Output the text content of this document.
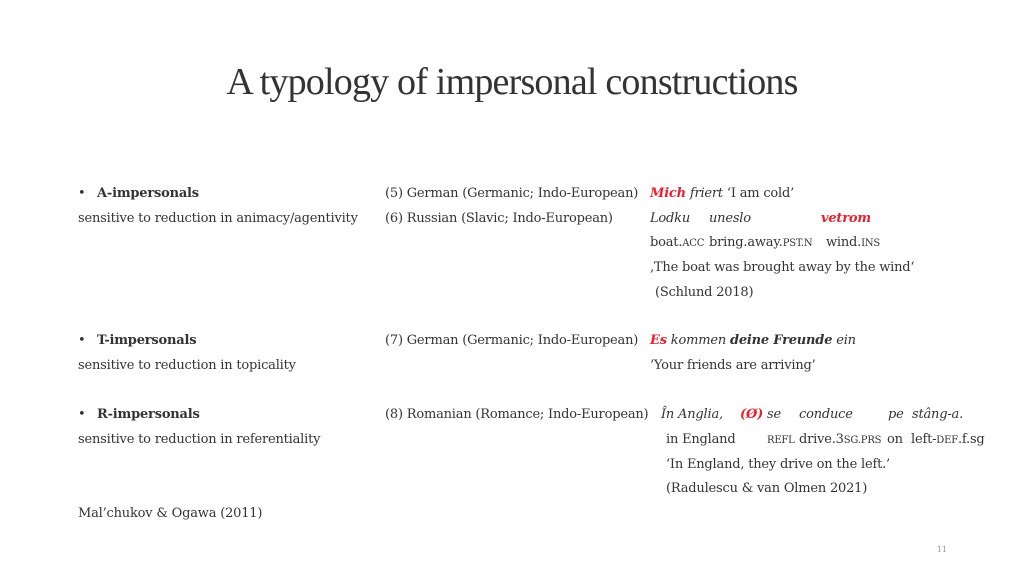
A typology of impersonal constructions
• A-impersonals
sensitive to reduction in animacy/agentivity
• T-impersonals
sensitive to reduction in topicality
• R-impersonals
sensitive to reduction in referentiality
Mal’chukov & Ogawa (2011)
(5) German (Germanic; Indo-European) Mich friert ‘I am cold’
(6) Russian (Slavic; Indo-European)	Lodku uneslo	vetrom
boat.ACC bring.away.PST.N wind.INS
‚The boat was brought away by the wind‘
(Schlund 2018)
(7) German (Germanic; Indo-European) Es kommen deine Freunde ein
‘Your friends are arriving’
(8) Romanian (Romance; Indo-European) În Anglia, (Ø) se conduce	pe stâng-a.
in England	REFL drive.3SG.PRS on left-DEF.f.sg
‘In England, they drive on the left.’
(Radulescu & van Olmen 2021)
11
